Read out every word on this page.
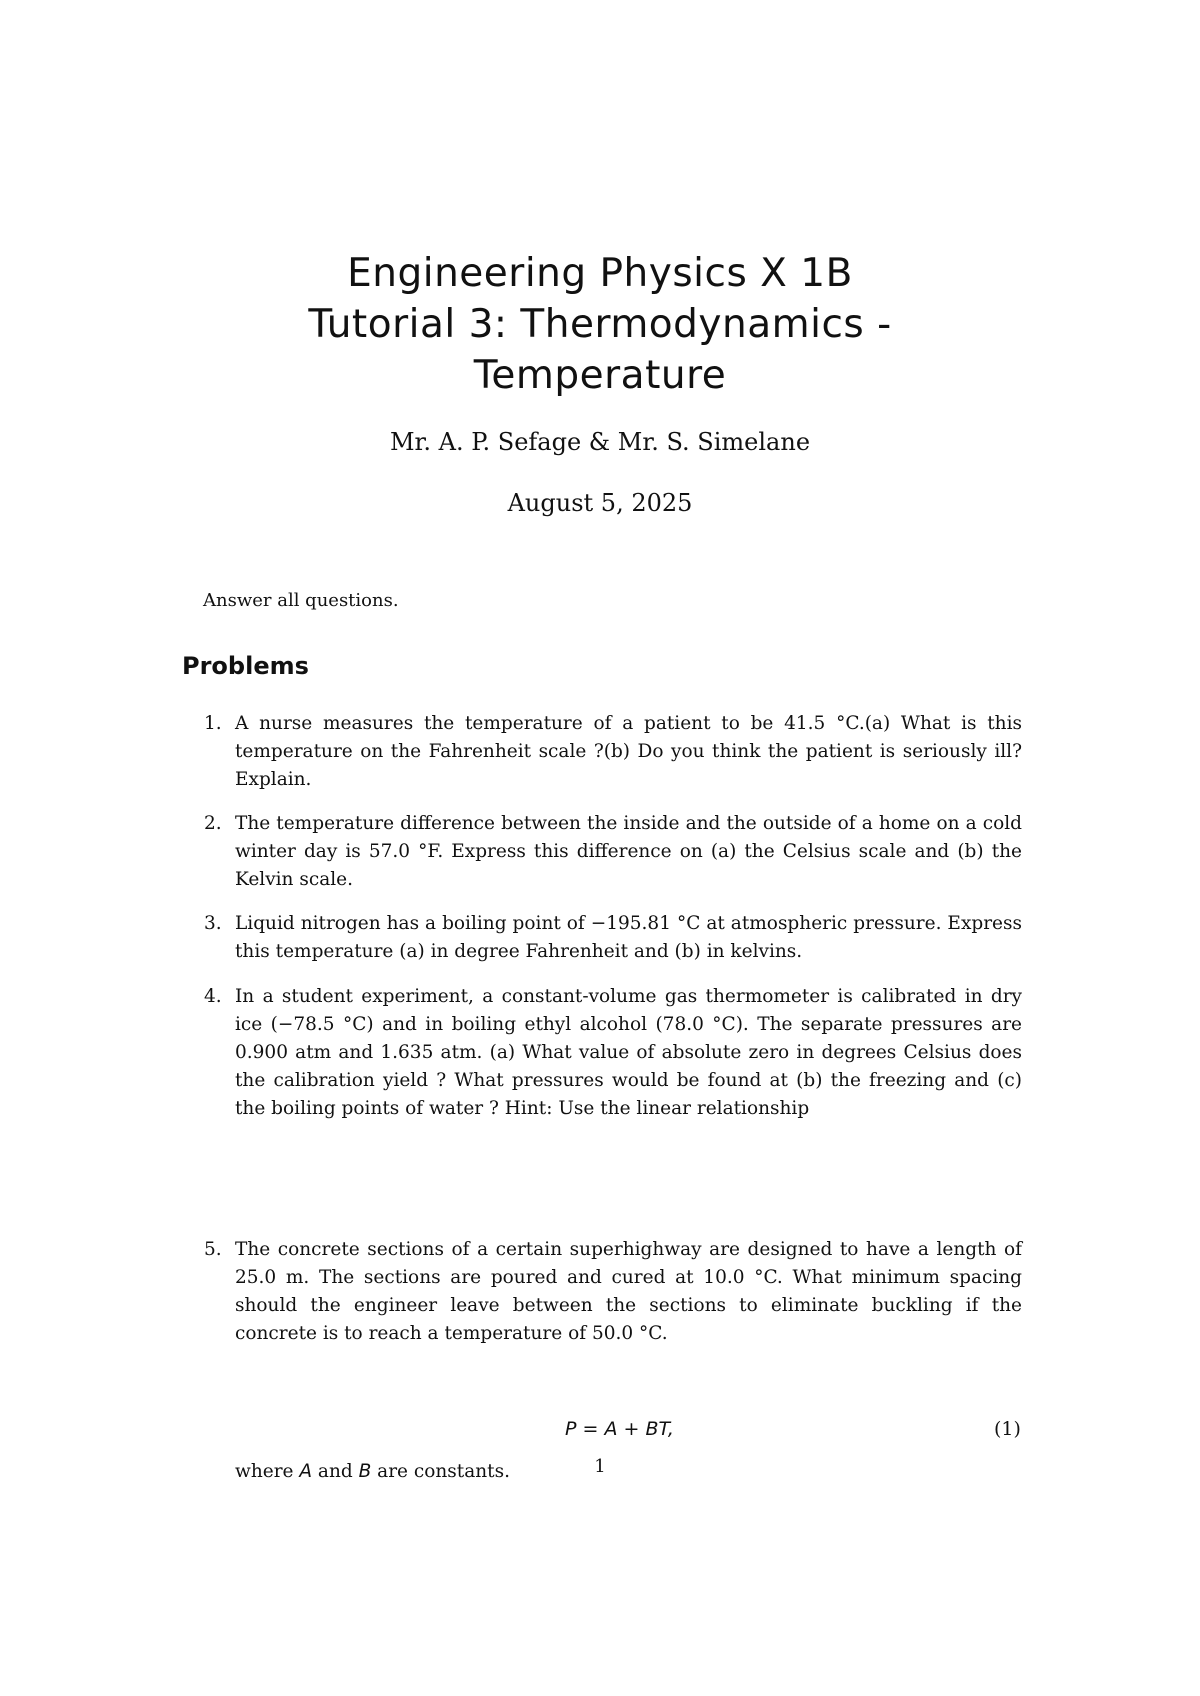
Engineering Physics X 1B
Tutorial 3: Thermodynamics -
Temperature
Mr. A. P. Sefage & Mr. S. Simelane
August 5, 2025
Answer all questions.
Problems
1. A nurse measures the temperature of a patient to be 41.5 °C.(a) What is this temperature on the Fahrenheit scale ?(b) Do you think the patient is seriously ill? Explain.

2. The temperature difference between the inside and the outside of a home on a cold winter day is 57.0 °F. Express this difference on (a) the Celsius scale and (b) the Kelvin scale.

3. Liquid nitrogen has a boiling point of −195.81 °C at atmospheric pressure. Express this temperature (a) in degree Fahrenheit and (b) in kelvins.

4. In a student experiment, a constant-volume gas thermometer is calibrated in dry ice (−78.5 °C) and in boiling ethyl alcohol (78.0 °C). The separate pressures are 0.900 atm and 1.635 atm. (a) What value of absolute zero in degrees Celsius does the calibration yield ? What pressures would be found at (b) the freezing and (c) the boiling points of water ? Hint: Use the linear relationship

P = A + BT,	(1)
where A and B are constants.
5. The concrete sections of a certain superhighway are designed to have a length of 25.0 m. The sections are poured and cured at 10.0 °C. What minimum spacing should the engineer leave between the sections to eliminate buckling if the concrete is to reach a temperature of 50.0 °C.

1
